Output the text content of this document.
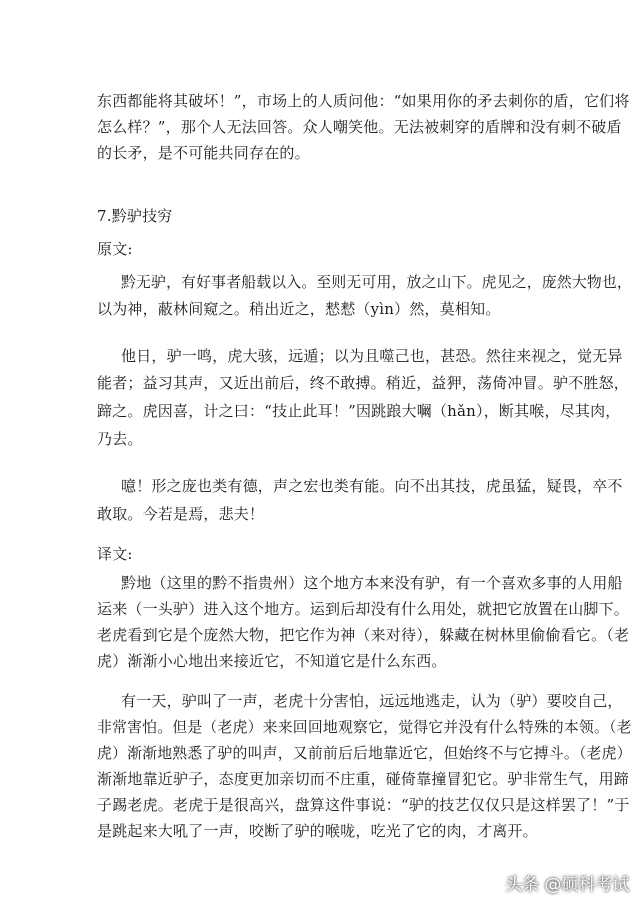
东西都能将其破坏！”，市场上的人质问他：“如果用你的矛去刺你的盾，它们将
怎么样？”，那个人无法回答。众人嘲笑他。无法被刺穿的盾牌和没有刺不破盾
的长矛，是不可能共同存在的。
7.黔驴技穷
原文:
黔无驴，有好事者船载以入。至则无可用，放之山下。虎见之，庞然大物也，
以为神，蔽林间窥之。稍出近之，慭慭（yìn）然，莫相知。
他日，驴一鸣，虎大骇，远遁；以为且噬己也，甚恐。然往来视之，觉无异
能者；益习其声，又近出前后，终不敢搏。稍近，益狎，荡倚冲冒。驴不胜怒，
蹄之。虎因喜，计之曰：“技止此耳！”因跳踉大㘎（hǎn），断其喉，尽其肉，
乃去。
噫！形之庞也类有德，声之宏也类有能。向不出其技，虎虽猛，疑畏，卒不
敢取。今若是焉，悲夫！
译文:
黔地（这里的黔不指贵州）这个地方本来没有驴，有一个喜欢多事的人用船
运来（一头驴）进入这个地方。运到后却没有什么用处，就把它放置在山脚下。
老虎看到它是个庞然大物，把它作为神（来对待），躲藏在树林里偷偷看它。（老
虎）渐渐小心地出来接近它，不知道它是什么东西。
有一天，驴叫了一声，老虎十分害怕，远远地逃走，认为（驴）要咬自己，
非常害怕。但是（老虎）来来回回地观察它，觉得它并没有什么特殊的本领。（老
虎）渐渐地熟悉了驴的叫声，又前前后后地靠近它，但始终不与它搏斗。（老虎）
渐渐地靠近驴子，态度更加亲切而不庄重，碰倚靠撞冒犯它。驴非常生气，用蹄
子踢老虎。老虎于是很高兴，盘算这件事说：“驴的技艺仅仅只是这样罢了！”于
是跳起来大吼了一声，咬断了驴的喉咙，吃光了它的肉，才离开。
头条 @硕科考试
